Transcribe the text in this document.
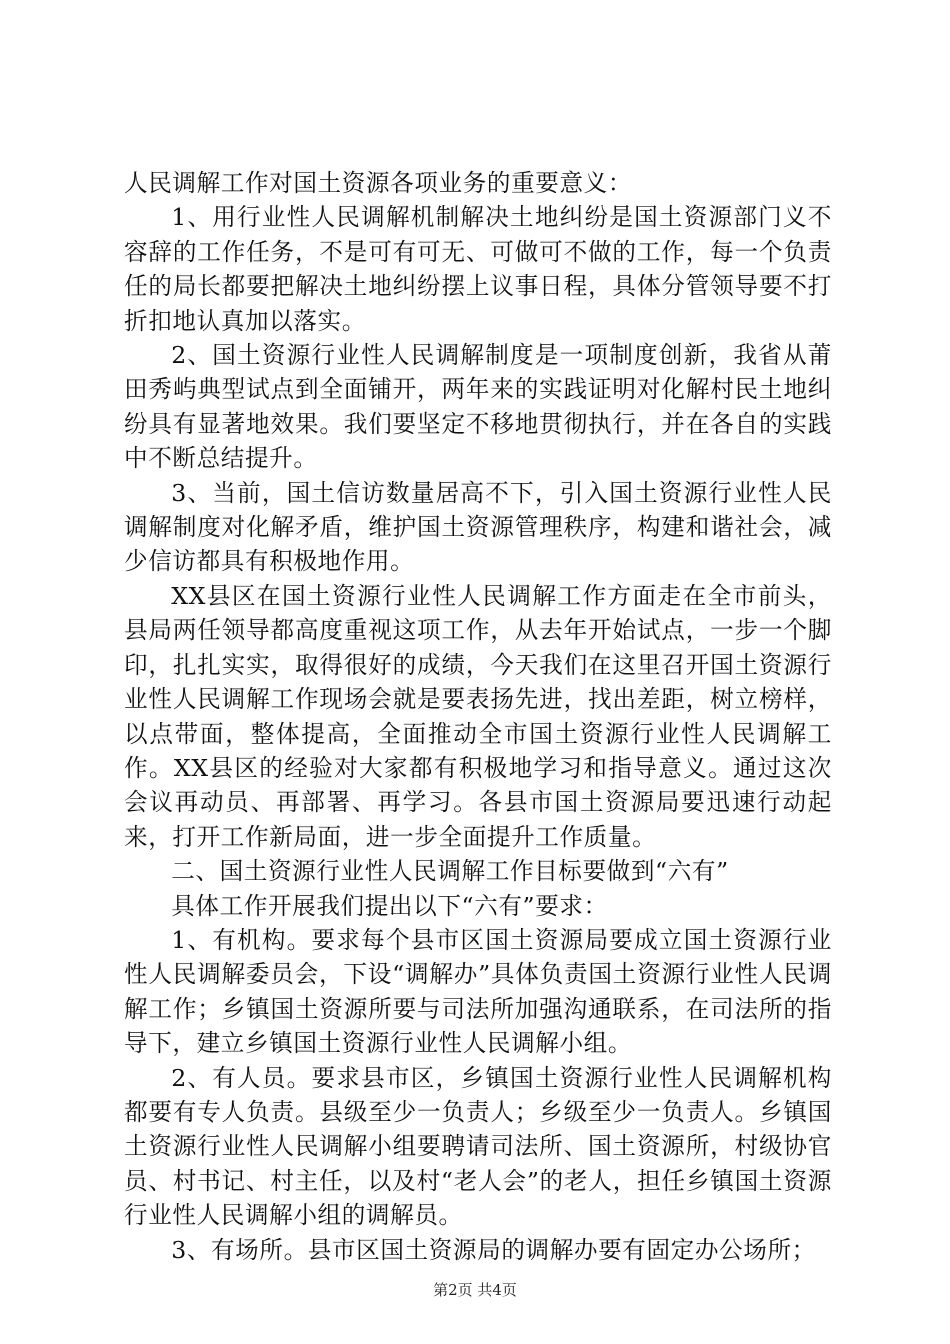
人民调解工作对国土资源各项业务的重要意义：

1、用行业性人民调解机制解决土地纠纷是国土资源部门义不容辞的工作任务，不是可有可无、可做可不做的工作，每一个负责任的局长都要把解决土地纠纷摆上议事日程，具体分管领导要不打折扣地认真加以落实。

2、国土资源行业性人民调解制度是一项制度创新，我省从莆田秀屿典型试点到全面铺开，两年来的实践证明对化解村民土地纠纷具有显著地效果。我们要坚定不移地贯彻执行，并在各自的实践中不断总结提升。

3、当前，国土信访数量居高不下，引入国土资源行业性人民调解制度对化解矛盾，维护国土资源管理秩序，构建和谐社会，减少信访都具有积极地作用。

XX县区在国土资源行业性人民调解工作方面走在全市前头，县局两任领导都高度重视这项工作，从去年开始试点，一步一个脚印，扎扎实实，取得很好的成绩，今天我们在这里召开国土资源行业性人民调解工作现场会就是要表扬先进，找出差距，树立榜样，以点带面，整体提高，全面推动全市国土资源行业性人民调解工作。XX县区的经验对大家都有积极地学习和指导意义。通过这次会议再动员、再部署、再学习。各县市国土资源局要迅速行动起来，打开工作新局面，进一步全面提升工作质量。

二、国土资源行业性人民调解工作目标要做到“六有”

具体工作开展我们提出以下“六有”要求：

1、有机构。要求每个县市区国土资源局要成立国土资源行业性人民调解委员会，下设“调解办”具体负责国土资源行业性人民调解工作；乡镇国土资源所要与司法所加强沟通联系，在司法所的指导下，建立乡镇国土资源行业性人民调解小组。

2、有人员。要求县市区，乡镇国土资源行业性人民调解机构都要有专人负责。县级至少一负责人；乡级至少一负责人。乡镇国土资源行业性人民调解小组要聘请司法所、国土资源所，村级协官员、村书记、村主任，以及村“老人会”的老人，担任乡镇国土资源行业性人民调解小组的调解员。

3、有场所。县市区国土资源局的调解办要有固定办公场所；

第2页 共4页
